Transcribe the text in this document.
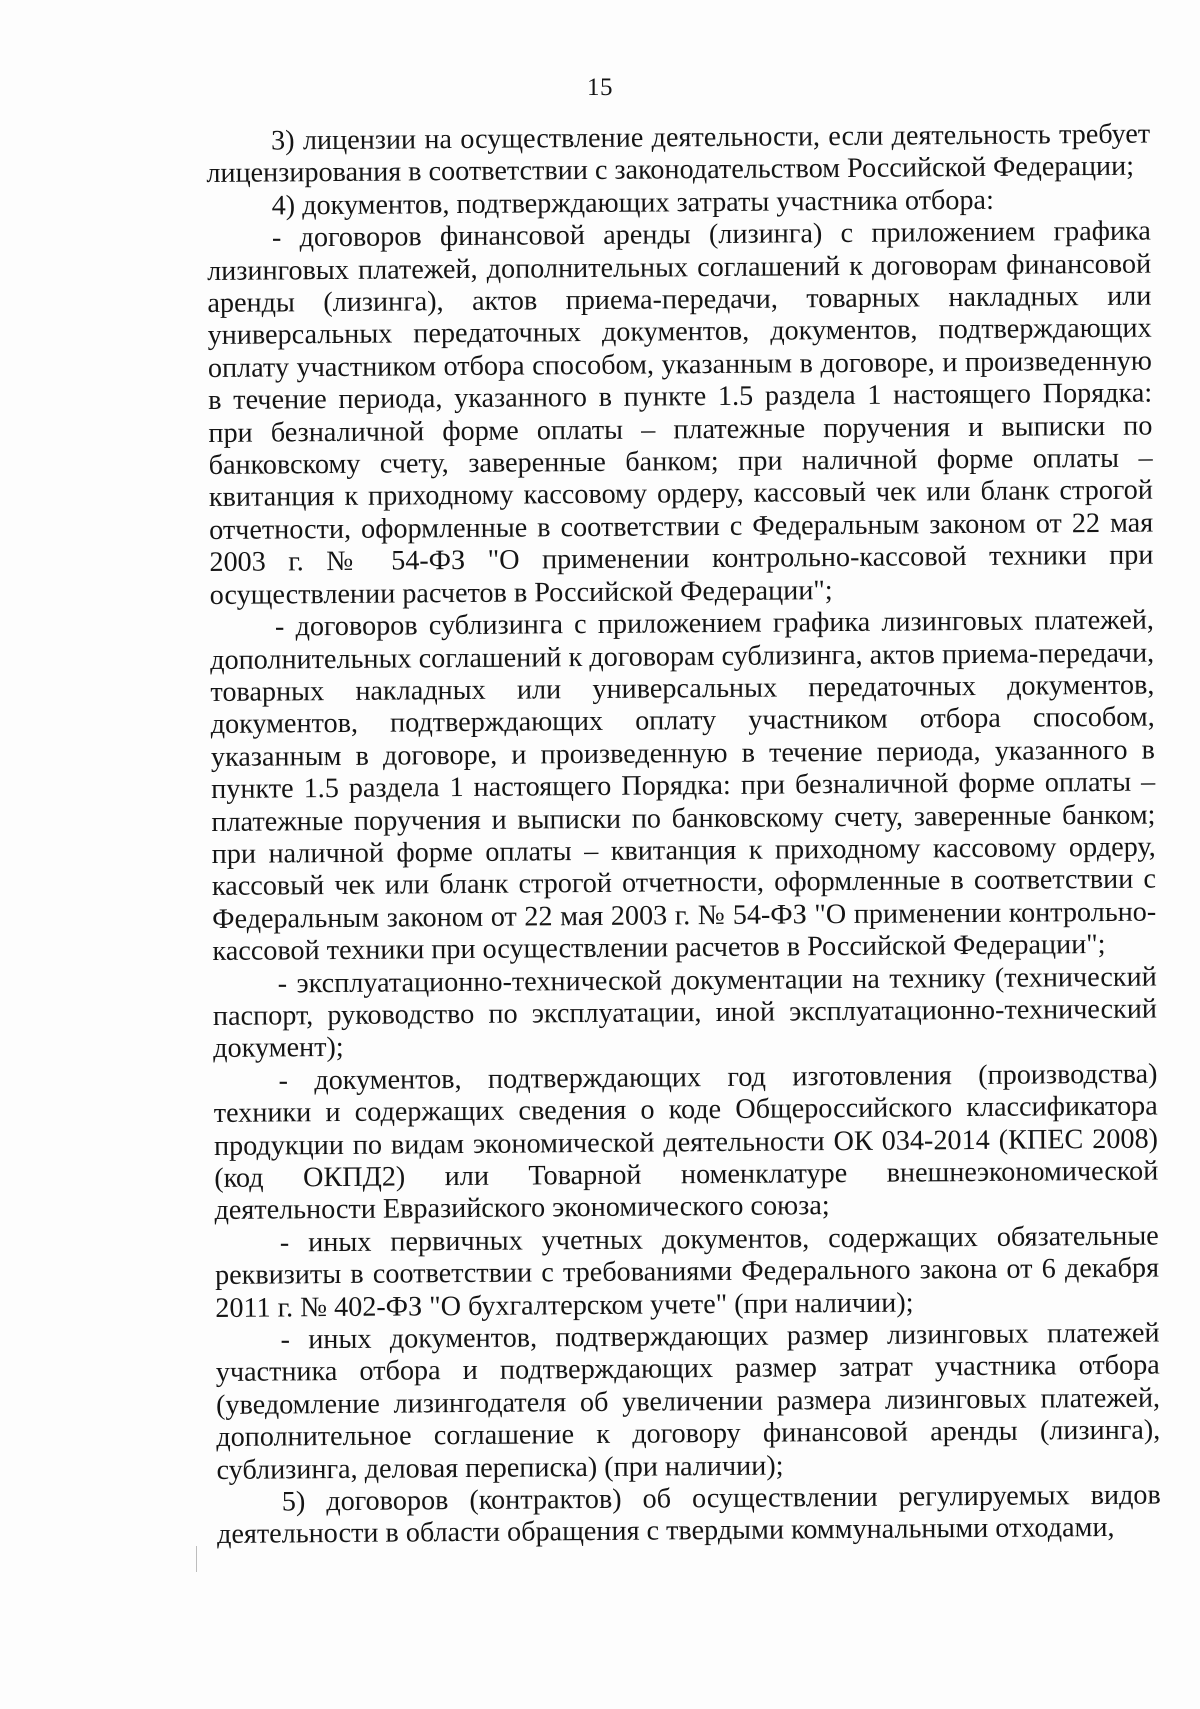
15

3) лицензии на осуществление деятельности, если деятельность требует лицензирования в соответствии с законодательством Российской Федерации;

4) документов, подтверждающих затраты участника отбора:

- договоров финансовой аренды (лизинга) с приложением графика лизинговых платежей, дополнительных соглашений к договорам финансовой аренды (лизинга), актов приема-передачи, товарных накладных или универсальных передаточных документов, документов, подтверждающих оплату участником отбора способом, указанным в договоре, и произведенную в течение периода, указанного в пункте 1.5 раздела 1 настоящего Порядка: при безналичной форме оплаты – платежные поручения и выписки по банковскому счету, заверенные банком; при наличной форме оплаты – квитанция к приходному кассовому ордеру, кассовый чек или бланк строгой отчетности, оформленные в соответствии с Федеральным законом от 22 мая 2003 г. № 54-ФЗ "О применении контрольно-кассовой техники при осуществлении расчетов в Российской Федерации";

- договоров сублизинга с приложением графика лизинговых платежей, дополнительных соглашений к договорам сублизинга, актов приема-передачи, товарных накладных или универсальных передаточных документов, документов, подтверждающих оплату участником отбора способом, указанным в договоре, и произведенную в течение периода, указанного в пункте 1.5 раздела 1 настоящего Порядка: при безналичной форме оплаты – платежные поручения и выписки по банковскому счету, заверенные банком; при наличной форме оплаты – квитанция к приходному кассовому ордеру, кассовый чек или бланк строгой отчетности, оформленные в соответствии с Федеральным законом от 22 мая 2003 г. № 54-ФЗ "О применении контрольно-кассовой техники при осуществлении расчетов в Российской Федерации";

- эксплуатационно-технической документации на технику (технический паспорт, руководство по эксплуатации, иной эксплуатационно-технический документ);

- документов, подтверждающих год изготовления (производства) техники и содержащих сведения о коде Общероссийского классификатора продукции по видам экономической деятельности ОК 034-2014 (КПЕС 2008) (код ОКПД2) или Товарной номенклатуре внешнеэкономической деятельности Евразийского экономического союза;

- иных первичных учетных документов, содержащих обязательные реквизиты в соответствии с требованиями Федерального закона от 6 декабря 2011 г. № 402-ФЗ "О бухгалтерском учете" (при наличии);

- иных документов, подтверждающих размер лизинговых платежей участника отбора и подтверждающих размер затрат участника отбора (уведомление лизингодателя об увеличении размера лизинговых платежей, дополнительное соглашение к договору финансовой аренды (лизинга), сублизинга, деловая переписка) (при наличии);

5) договоров (контрактов) об осуществлении регулируемых видов деятельности в области обращения с твердыми коммунальными отходами,
